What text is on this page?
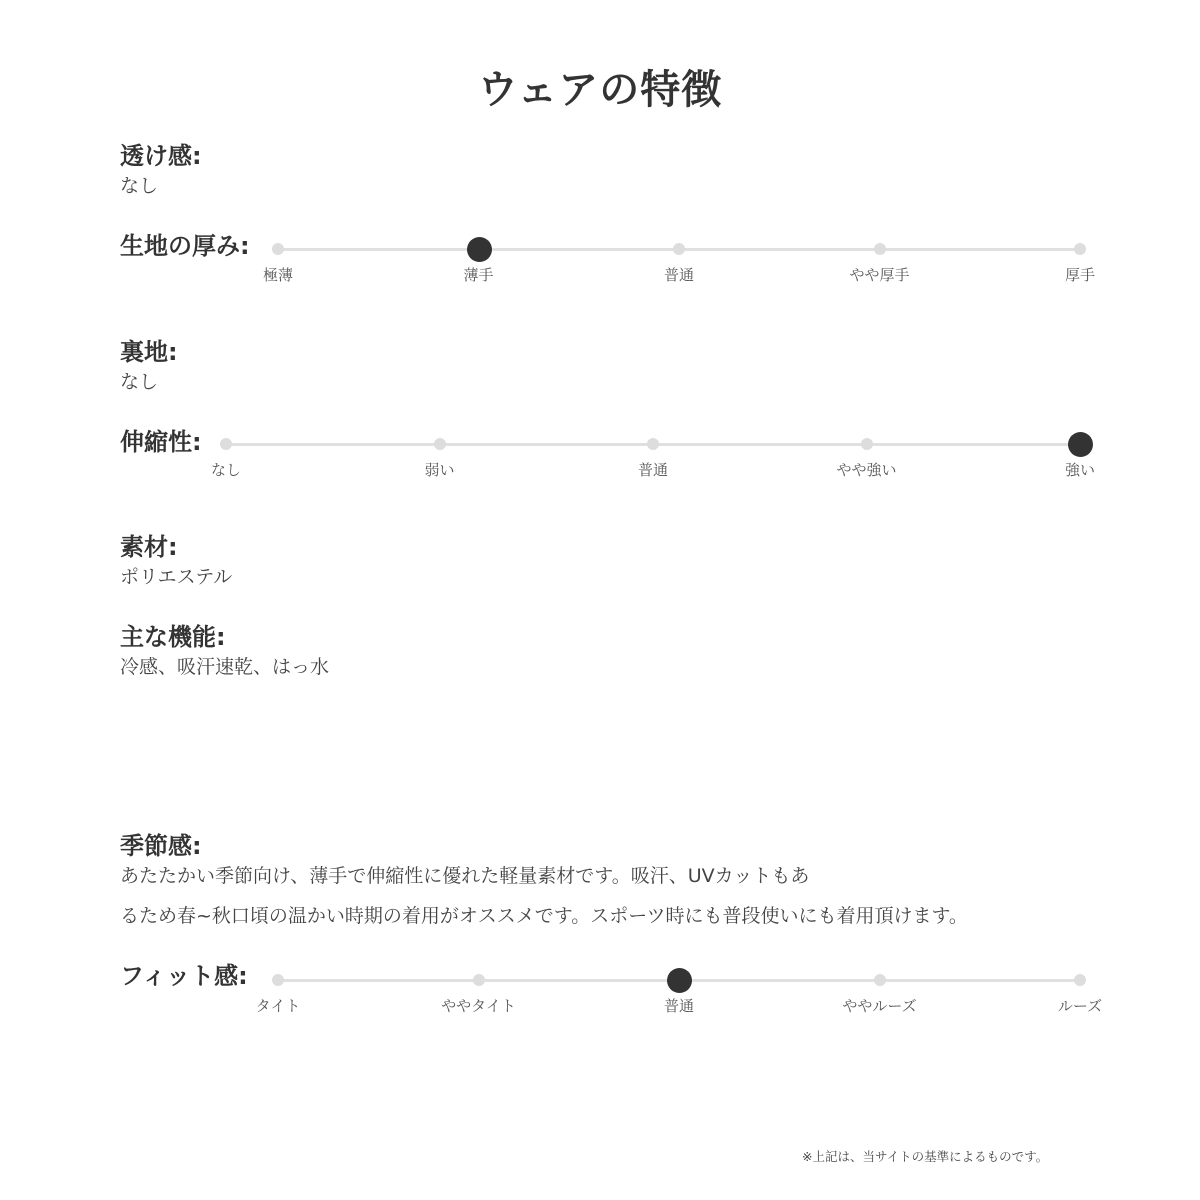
ウェアの特徴
透け感:
なし
生地の厚み:
極薄	薄手	普通	やや厚手	厚手
裏地:
なし
伸縮性:
なし	弱い	普通	やや強い	強い
素材:
ポリエステル
主な機能:
冷感、吸汗速乾、はっ水
季節感:
あたたかい季節向け、薄手で伸縮性に優れた軽量素材です。吸汗、UVカットもあ
るため春~秋口頃の温かい時期の着用がオススメです。スポーツ時にも普段使いにも着用頂けます。
フィット感:
タイト	ややタイト	普通	ややルーズ	ルーズ
※上記は、当サイトの基準によるものです。
